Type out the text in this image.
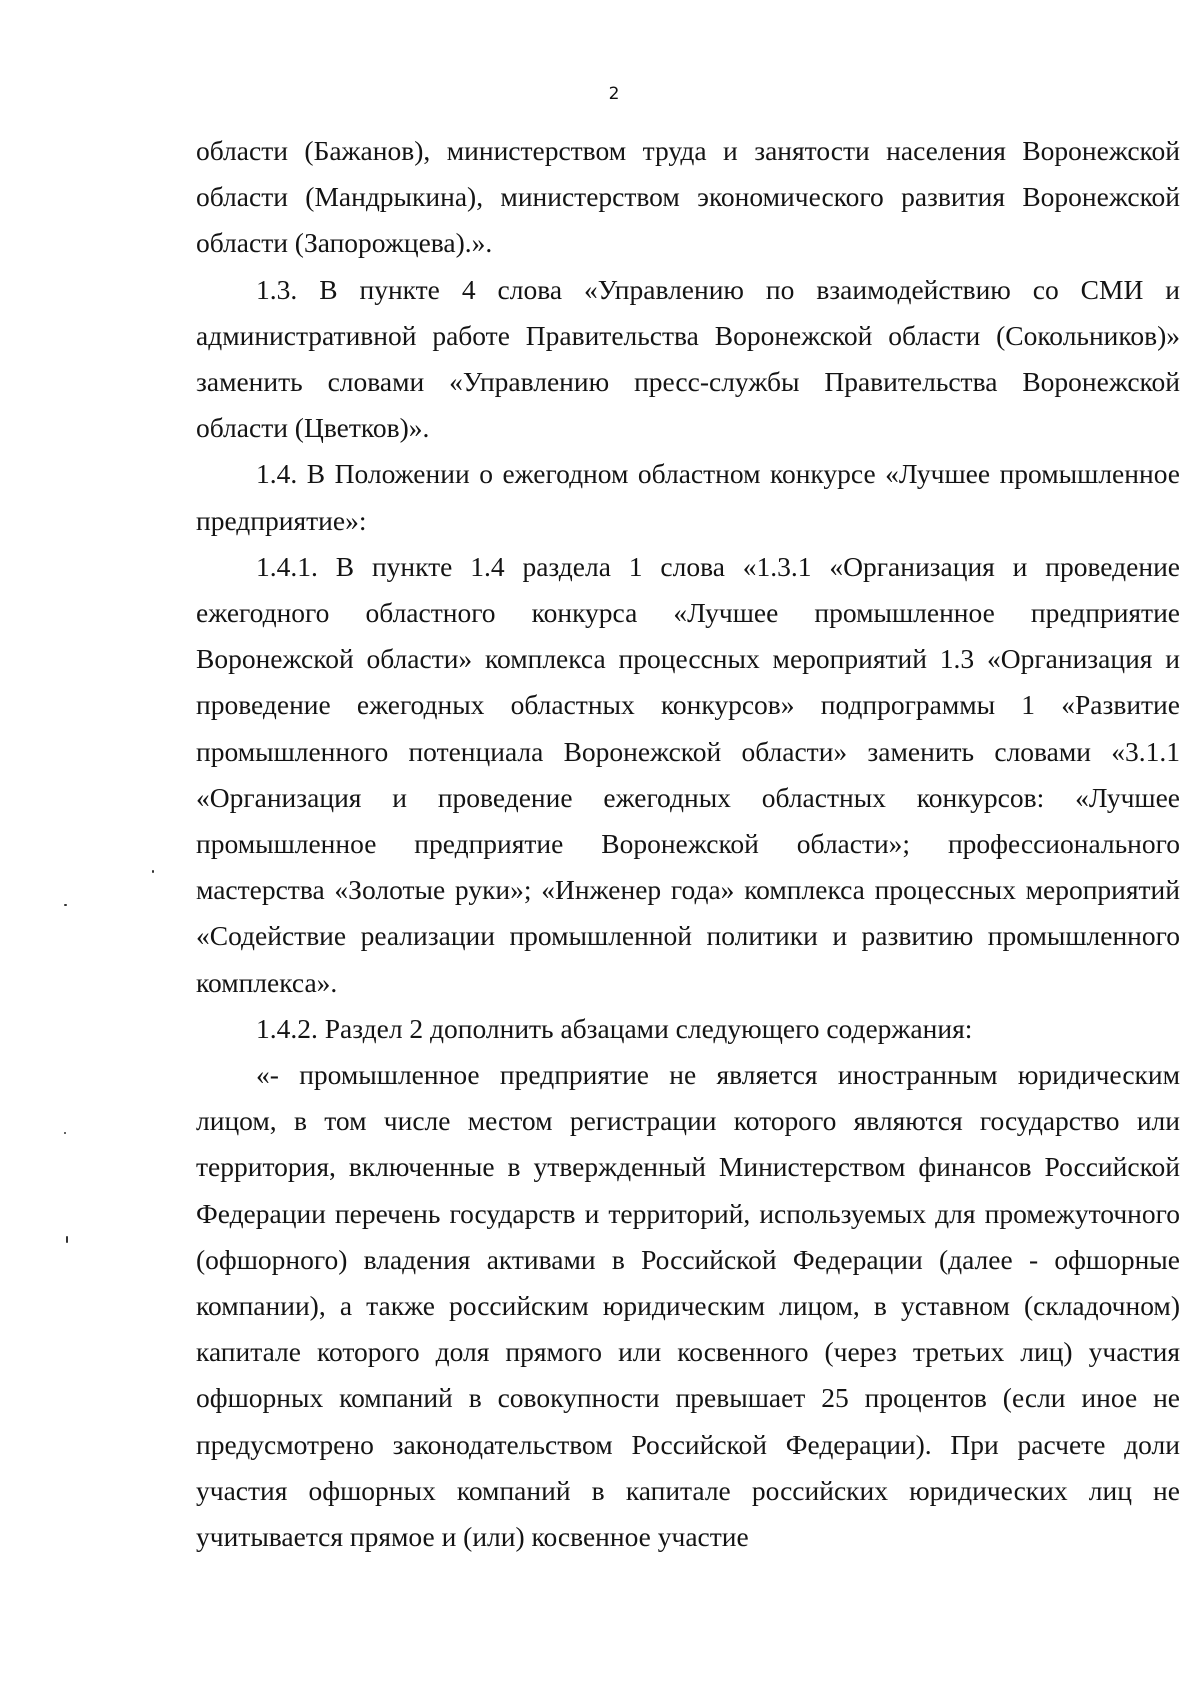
2

области (Бажанов), министерством труда и занятости населения Воронежской области (Мандрыкина), министерством экономического развития Воронежской области (Запорожцева).».

1.3. В пункте 4 слова «Управлению по взаимодействию со СМИ и административной работе Правительства Воронежской области (Сокольников)» заменить словами «Управлению пресс-службы Правительства Воронежской области (Цветков)».

1.4. В Положении о ежегодном областном конкурсе «Лучшее промышленное предприятие»:

1.4.1. В пункте 1.4 раздела 1 слова «1.3.1 «Организация и проведение ежегодного областного конкурса «Лучшее промышленное предприятие Воронежской области» комплекса процессных мероприятий 1.3 «Организация и проведение ежегодных областных конкурсов» подпрограммы 1 «Развитие промышленного потенциала Воронежской области» заменить словами «3.1.1 «Организация и проведение ежегодных областных конкурсов: «Лучшее промышленное предприятие Воронежской области»; профессионального мастерства «Золотые руки»; «Инженер года» комплекса процессных мероприятий «Содействие реализации промышленной политики и развитию промышленного комплекса».

1.4.2. Раздел 2 дополнить абзацами следующего содержания:

«- промышленное предприятие не является иностранным юридическим лицом, в том числе местом регистрации которого являются государство или территория, включенные в утвержденный Министерством финансов Российской Федерации перечень государств и территорий, используемых для промежуточного (офшорного) владения активами в Российской Федерации (далее - офшорные компании), а также российским юридическим лицом, в уставном (складочном) капитале которого доля прямого или косвенного (через третьих лиц) участия офшорных компаний в совокупности превышает 25 процентов (если иное не предусмотрено законодательством Российской Федерации). При расчете доли участия офшорных компаний в капитале российских юридических лиц не учитывается прямое и (или) косвенное участие
